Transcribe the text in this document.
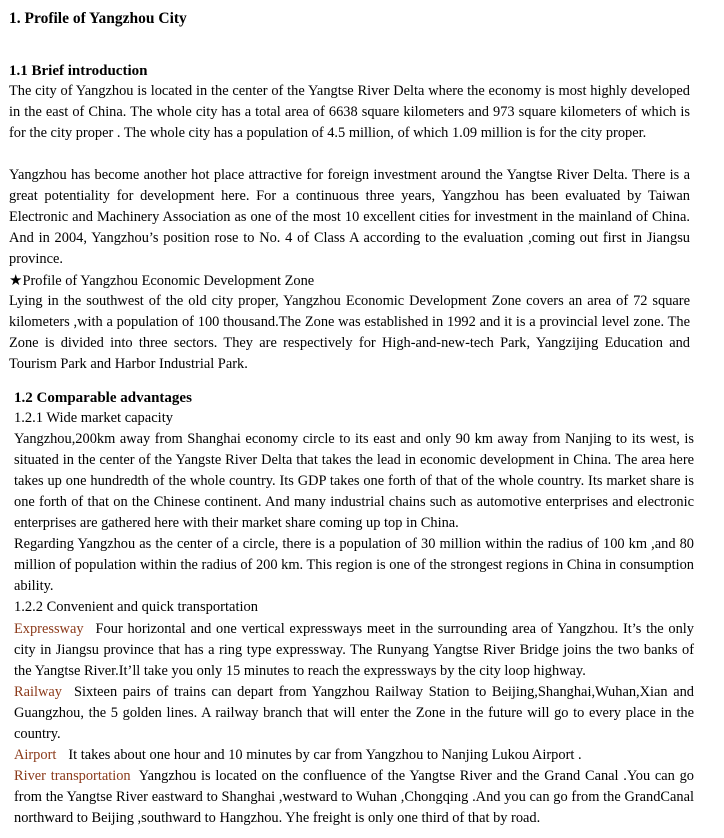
1. Profile of Yangzhou City
1.1 Brief introduction

The city of Yangzhou is located in the center of the Yangtse River Delta where the economy is most highly developed in the east of China. The whole city has a total area of 6638 square kilometers and 973 square kilometers of which is for the city proper . The whole city has a population of 4.5 million, of which 1.09 million is for the city proper.

Yangzhou has become another hot place attractive for foreign investment around the Yangtse River Delta. There is a great potentiality for development here. For a continuous three years, Yangzhou has been evaluated by Taiwan Electronic and Machinery Association as one of the most 10 excellent cities for investment in the mainland of China. And in 2004, Yangzhou’s position rose to No. 4 of Class A according to the evaluation ,coming out first in Jiangsu province.

★Profile of Yangzhou Economic Development Zone

Lying in the southwest of the old city proper, Yangzhou Economic Development Zone covers an area of 72 square kilometers ,with a population of 100 thousand.The Zone was established in 1992 and it is a provincial level zone. The Zone is divided into three sectors. They are respectively for High-and-new-tech Park, Yangzijing Education and Tourism Park and Harbor Industrial Park.

1.2 Comparable advantages
1.2.1 Wide market capacity

Yangzhou,200km away from Shanghai economy circle to its east and only 90 km away from Nanjing to its west, is situated in the center of the Yangste River Delta that takes the lead in economic development in China. The area here takes up one hundredth of the whole country. Its GDP takes one forth of that of the whole country. Its market share is one forth of that on the Chinese continent. And many industrial chains such as automotive enterprises and electronic enterprises are gathered here with their market share coming up top in China.

Regarding Yangzhou as the center of a circle, there is a population of 30 million within the radius of 100 km ,and 80 million of population within the radius of 200 km. This region is one of the strongest regions in China in consumption ability.

1.2.2 Convenient and quick transportation

Expressway Four horizontal and one vertical expressways meet in the surrounding area of Yangzhou. It’s the only city in Jiangsu province that has a ring type expressway. The Runyang Yangtse River Bridge joins the two banks of the Yangtse River.It’ll take you only 15 minutes to reach the expressways by the city loop highway.

Railway Sixteen pairs of trains can depart from Yangzhou Railway Station to Beijing,Shanghai,Wuhan,Xian and Guangzhou, the 5 golden lines. A railway branch that will enter the Zone in the future will go to every place in the country.

Airport It takes about one hour and 10 minutes by car from Yangzhou to Nanjing Lukou Airport .

River transportation Yangzhou is located on the confluence of the Yangtse River and the Grand Canal .You can go from the Yangtse River eastward to Shanghai ,westward to Wuhan ,Chongqing .And you can go from the GrandCanal northward to Beijing ,southward to Hangzhou. Yhe freight is only one third of that by road.
